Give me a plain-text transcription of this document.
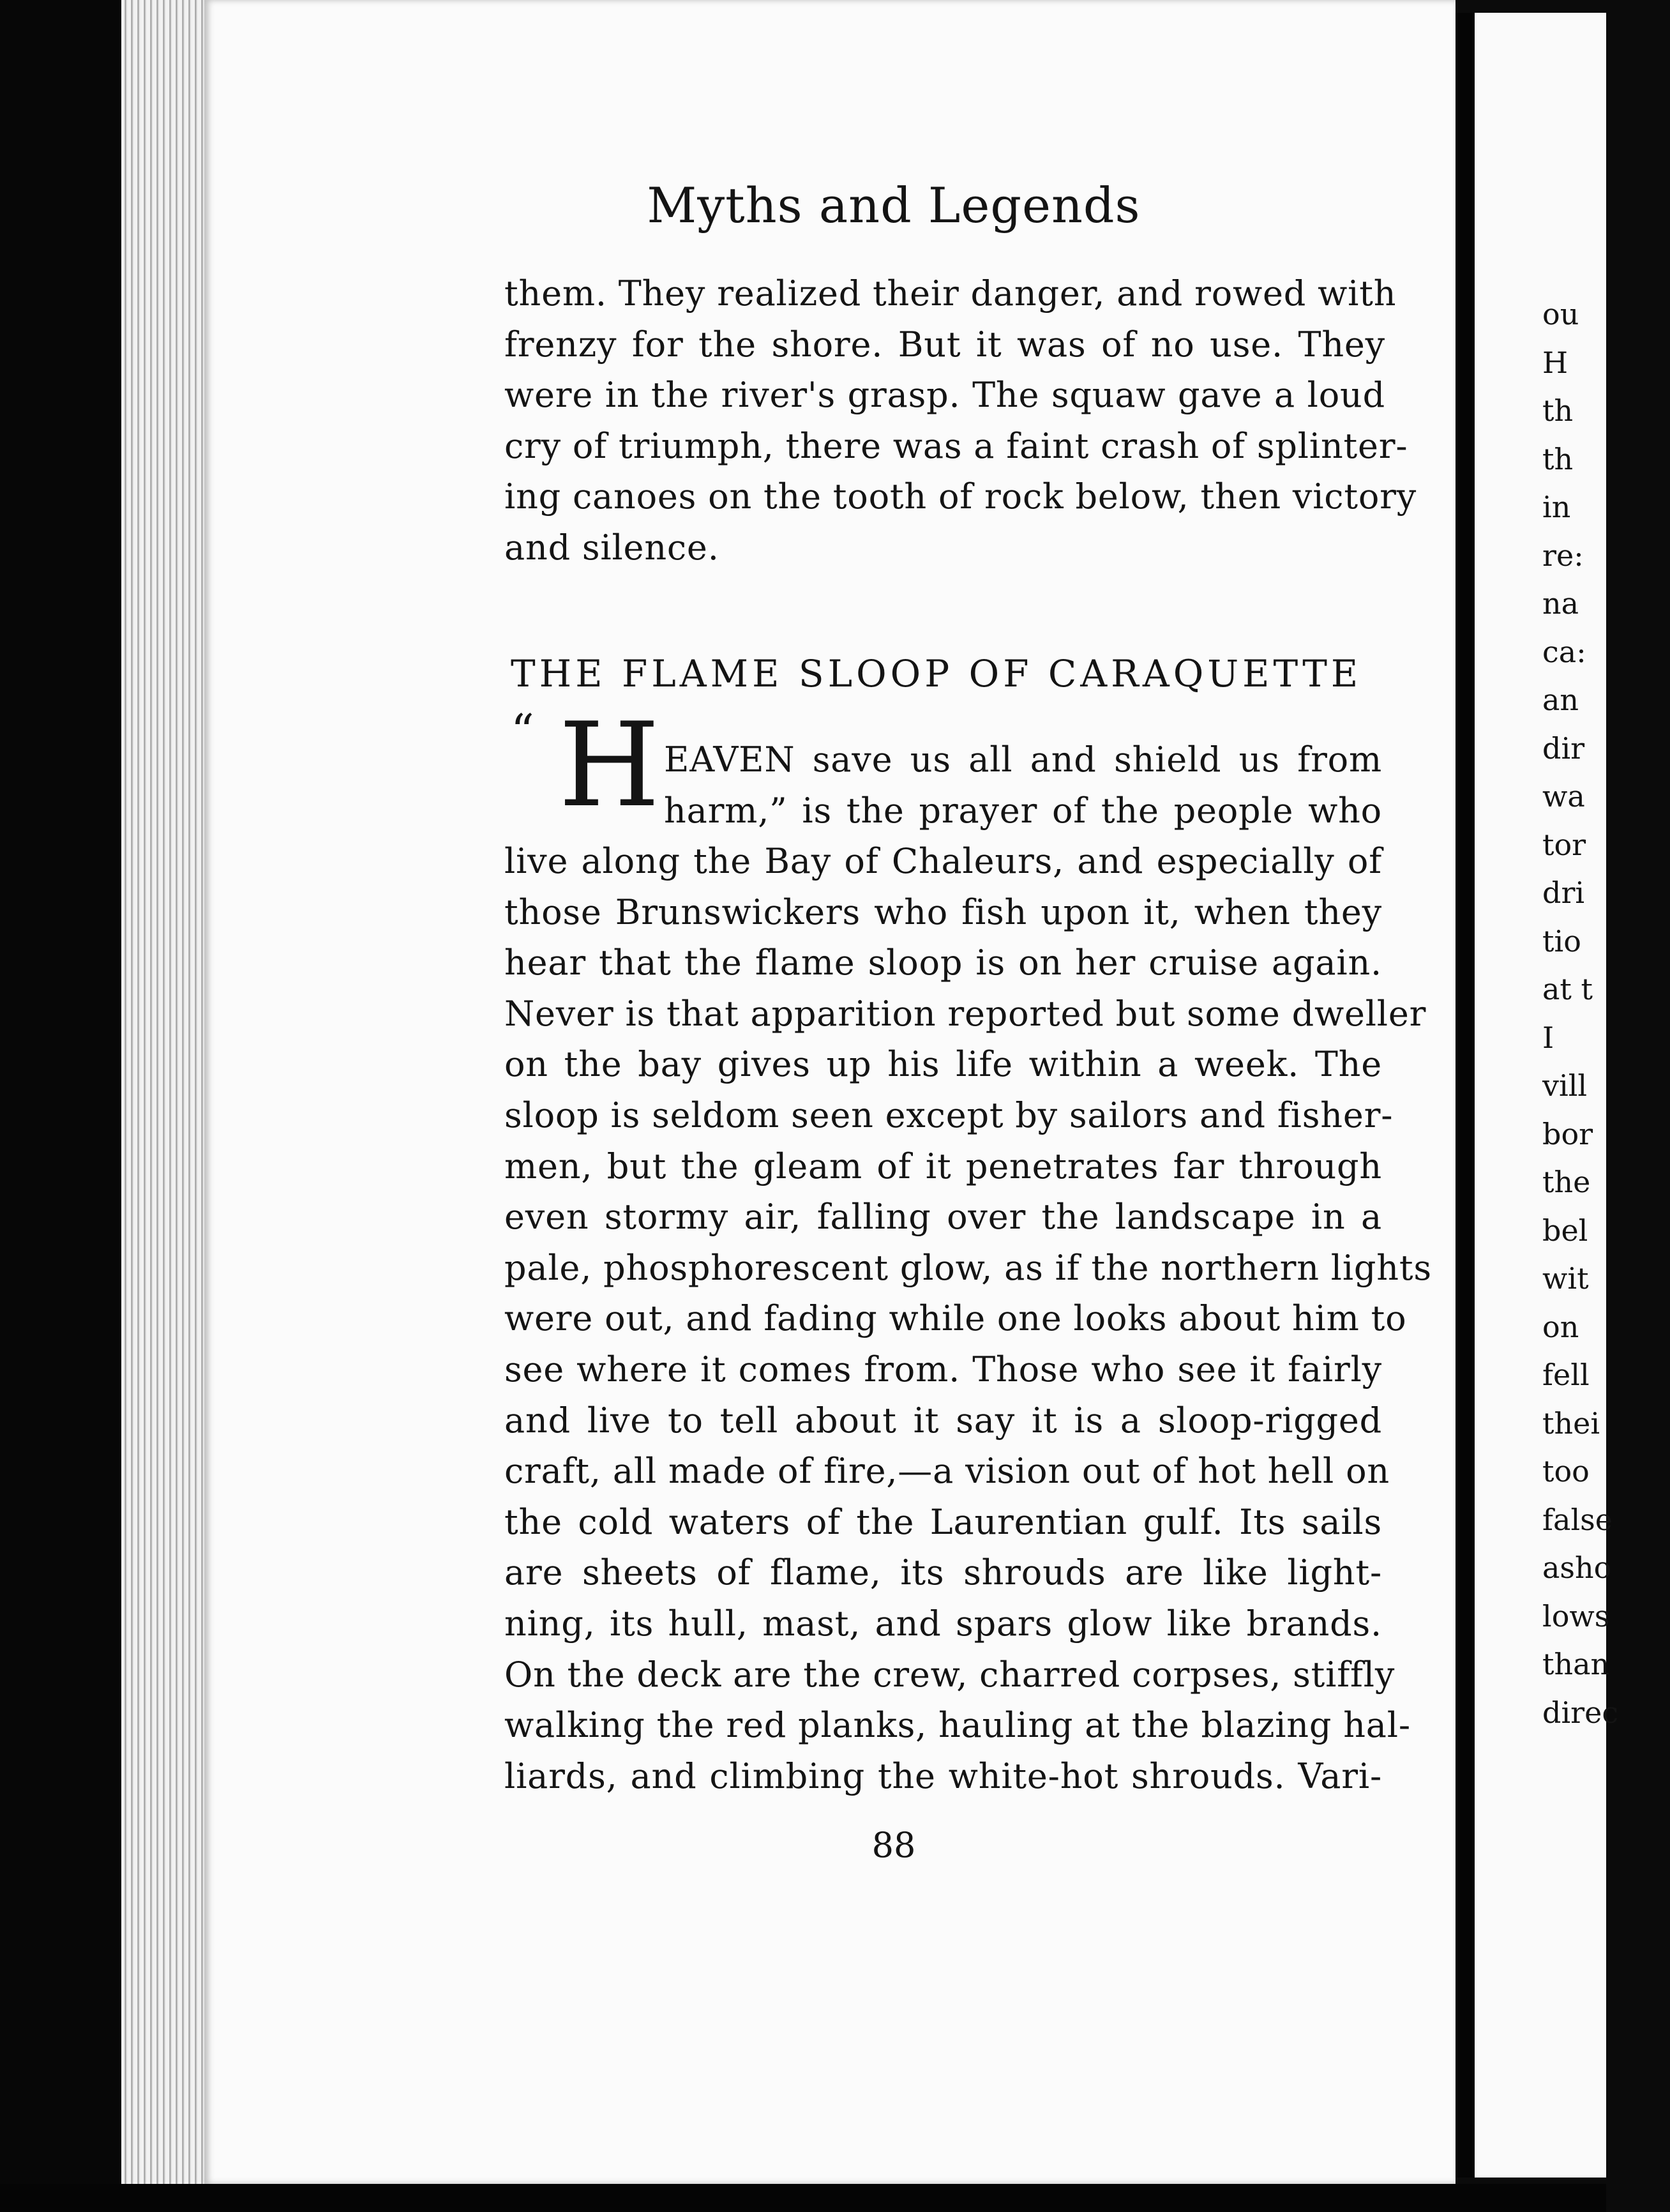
Myths and Legends
them. They realized their danger, and rowed with
frenzy for the shore. But it was of no use. They
were in the river's grasp. The squaw gave a loud
cry of triumph, there was a faint crash of splinter-
ing canoes on the tooth of rock below, then victory
and silence.
THE FLAME SLOOP OF CARAQUETTE
“ H EAVEN save us all and shield us from
harm,” is the prayer of the people who
live along the Bay of Chaleurs, and especially of
those Brunswickers who fish upon it, when they
hear that the flame sloop is on her cruise again.
Never is that apparition reported but some dweller
on the bay gives up his life within a week. The
sloop is seldom seen except by sailors and fisher-
men, but the gleam of it penetrates far through
even stormy air, falling over the landscape in a
pale, phosphorescent glow, as if the northern lights
were out, and fading while one looks about him to
see where it comes from. Those who see it fairly
and live to tell about it say it is a sloop-rigged
craft, all made of fire,—a vision out of hot hell on
the cold waters of the Laurentian gulf. Its sails
are sheets of flame, its shrouds are like light-
ning, its hull, mast, and spars glow like brands.
On the deck are the crew, charred corpses, stiffly
walking the red planks, hauling at the blazing hal-
liards, and climbing the white-hot shrouds. Vari-
88
ou
H
th
th
in
re:
na
ca:
an
dir
wa
tor
dri
tio
at t
I
vill
bor
the
bel
wit
on
fell
thei
too
false
asho
lows
than
direc
